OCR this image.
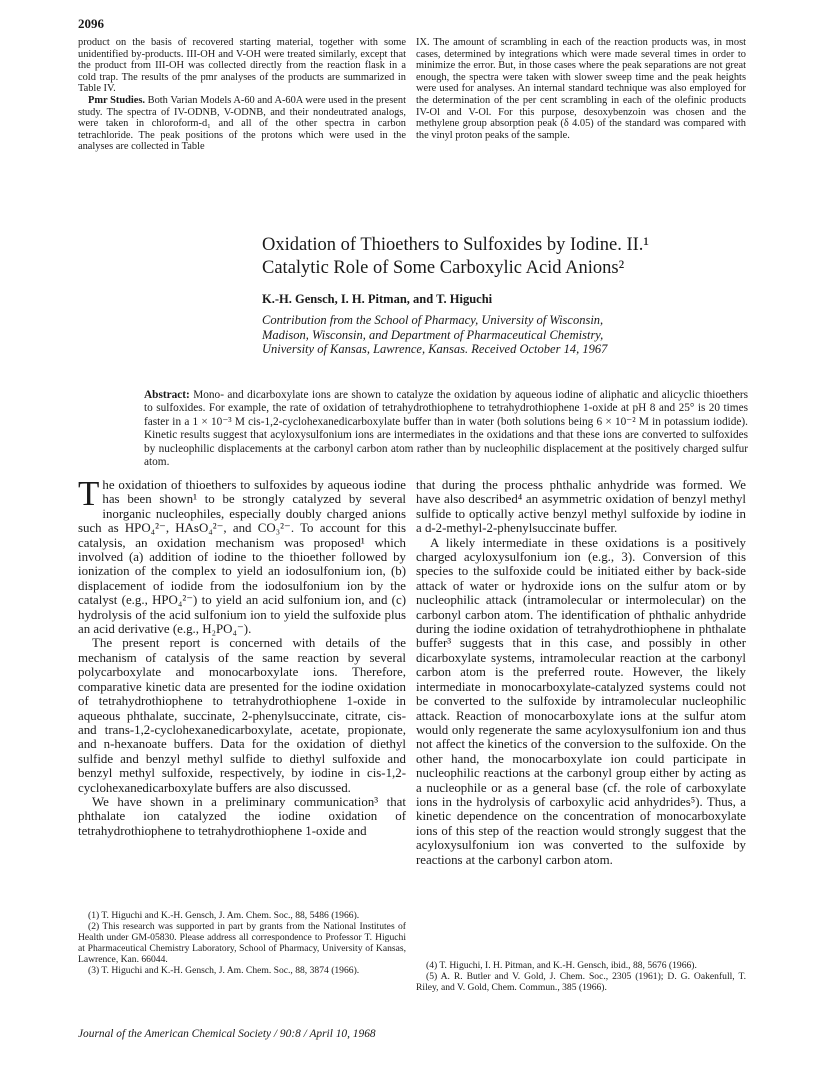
2096

product on the basis of recovered starting material, together with some unidentified by-products. III-OH and V-OH were treated similarly, except that the product from III-OH was collected directly from the reaction flask in a cold trap. The results of the pmr analyses of the products are summarized in Table IV.

Pmr Studies. Both Varian Models A-60 and A-60A were used in the present study. The spectra of IV-ODNB, V-ODNB, and their nondeutrated analogs, were taken in chloroform-d₁ and all of the other spectra in carbon tetrachloride. The peak positions of the protons which were used in the analyses are collected in Table

IX. The amount of scrambling in each of the reaction products was, in most cases, determined by integrations which were made several times in order to minimize the error. But, in those cases where the peak separations are not great enough, the spectra were taken with slower sweep time and the peak heights were used for analyses. An internal standard technique was also employed for the determination of the per cent scrambling in each of the olefinic products IV-Ol and V-Ol. For this purpose, desoxybenzoin was chosen and the methylene group absorption peak (δ 4.05) of the standard was compared with the vinyl proton peaks of the sample.

Oxidation of Thioethers to Sulfoxides by Iodine. II.¹
Catalytic Role of Some Carboxylic Acid Anions²
K.-H. Gensch, I. H. Pitman, and T. Higuchi
Contribution from the School of Pharmacy, University of Wisconsin,
Madison, Wisconsin, and Department of Pharmaceutical Chemistry,
University of Kansas, Lawrence, Kansas. Received October 14, 1967
Abstract: Mono- and dicarboxylate ions are shown to catalyze the oxidation by aqueous iodine of aliphatic and alicyclic thioethers to sulfoxides. For example, the rate of oxidation of tetrahydrothiophene to tetrahydrothiophene 1-oxide at pH 8 and 25° is 20 times faster in a 1 × 10⁻³ M cis-1,2-cyclohexanedicarboxylate buffer than in water (both solutions being 6 × 10⁻² M in potassium iodide). Kinetic results suggest that acyloxysulfonium ions are intermediates in the oxidations and that these ions are converted to sulfoxides by nucleophilic displacements at the carbonyl carbon atom rather than by nucleophilic displacement at the positively charged sulfur atom.

The oxidation of thioethers to sulfoxides by aqueous iodine has been shown¹ to be strongly catalyzed by several inorganic nucleophiles, especially doubly charged anions such as HPO₄²⁻, HAsO₄²⁻, and CO₃²⁻. To account for this catalysis, an oxidation mechanism was proposed¹ which involved (a) addition of iodine to the thioether followed by ionization of the complex to yield an iodosulfonium ion, (b) displacement of iodide from the iodosulfonium ion by the catalyst (e.g., HPO₄²⁻) to yield an acid sulfonium ion, and (c) hydrolysis of the acid sulfonium ion to yield the sulfoxide plus an acid derivative (e.g., H₂PO₄⁻).

The present report is concerned with details of the mechanism of catalysis of the same reaction by several polycarboxylate and monocarboxylate ions. Therefore, comparative kinetic data are presented for the iodine oxidation of tetrahydrothiophene to tetrahydrothiophene 1-oxide in aqueous phthalate, succinate, 2-phenylsuccinate, citrate, cis- and trans-1,2-cyclohexanedicarboxylate, acetate, propionate, and n-hexanoate buffers. Data for the oxidation of diethyl sulfide and benzyl methyl sulfide to diethyl sulfoxide and benzyl methyl sulfoxide, respectively, by iodine in cis-1,2-cyclohexanedicarboxylate buffers are also discussed.

We have shown in a preliminary communication³ that phthalate ion catalyzed the iodine oxidation of tetrahydrothiophene to tetrahydrothiophene 1-oxide and

(1) T. Higuchi and K.-H. Gensch, J. Am. Chem. Soc., 88, 5486 (1966).
(2) This research was supported in part by grants from the National Institutes of Health under GM-05830. Please address all correspondence to Professor T. Higuchi at Pharmaceutical Chemistry Laboratory, School of Pharmacy, University of Kansas, Lawrence, Kan. 66044.
(3) T. Higuchi and K.-H. Gensch, J. Am. Chem. Soc., 88, 3874 (1966).

that during the process phthalic anhydride was formed. We have also described⁴ an asymmetric oxidation of benzyl methyl sulfide to optically active benzyl methyl sulfoxide by iodine in a d-2-methyl-2-phenylsuccinate buffer.

A likely intermediate in these oxidations is a positively charged acyloxysulfonium ion (e.g., 3). Conversion of this species to the sulfoxide could be initiated either by back-side attack of water or hydroxide ions on the sulfur atom or by nucleophilic attack (intramolecular or intermolecular) on the carbonyl carbon atom. The identification of phthalic anhydride during the iodine oxidation of tetrahydrothiophene in phthalate buffer³ suggests that in this case, and possibly in other dicarboxylate systems, intramolecular reaction at the carbonyl carbon atom is the preferred route. However, the likely intermediate in monocarboxylate-catalyzed systems could not be converted to the sulfoxide by intramolecular nucleophilic attack. Reaction of monocarboxylate ions at the sulfur atom would only regenerate the same acyloxysulfonium ion and thus not affect the kinetics of the conversion to the sulfoxide. On the other hand, the monocarboxylate ion could participate in nucleophilic reactions at the carbonyl group either by acting as a nucleophile or as a general base (cf. the role of carboxylate ions in the hydrolysis of carboxylic acid anhydrides⁵). Thus, a kinetic dependence on the concentration of monocarboxylate ions of this step of the reaction would strongly suggest that the acyloxysulfonium ion was converted to the sulfoxide by reactions at the carbonyl carbon atom.

(4) T. Higuchi, I. H. Pitman, and K.-H. Gensch, ibid., 88, 5676 (1966).
(5) A. R. Butler and V. Gold, J. Chem. Soc., 2305 (1961); D. G. Oakenfull, T. Riley, and V. Gold, Chem. Commun., 385 (1966).
Journal of the American Chemical Society / 90:8 / April 10, 1968
